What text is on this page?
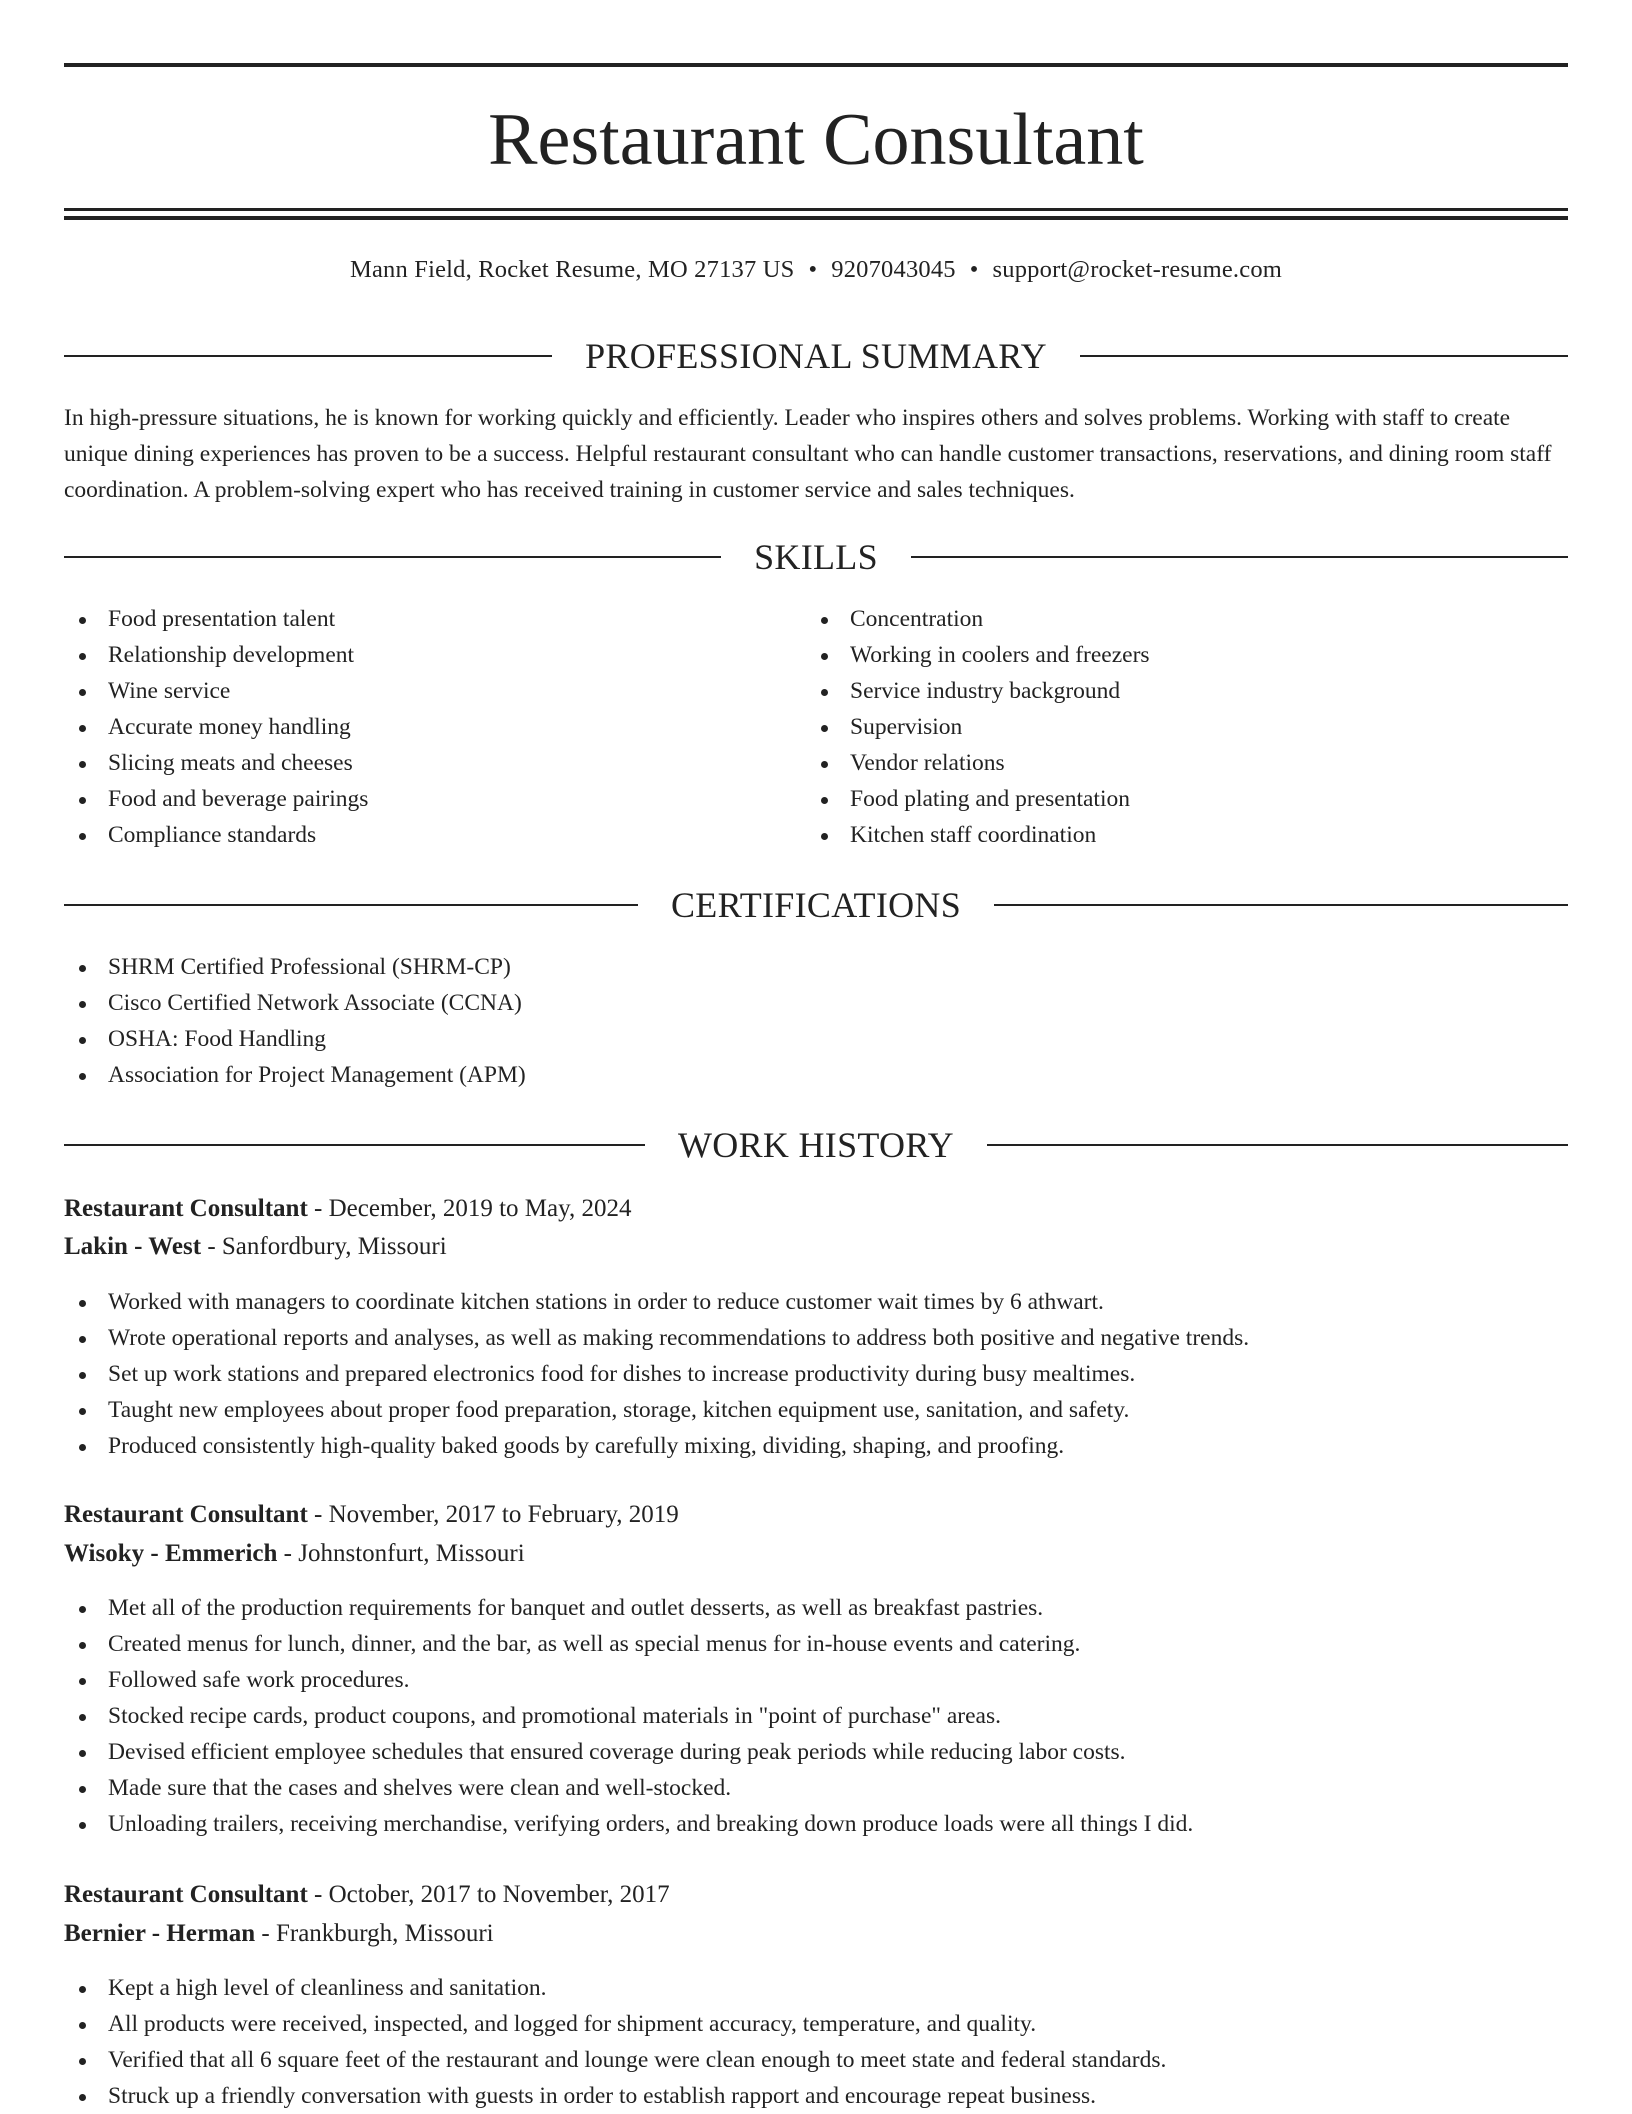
Restaurant Consultant
Mann Field, Rocket Resume, MO 27137 US • 9207043045 • support@rocket-resume.com
PROFESSIONAL SUMMARY

In high-pressure situations, he is known for working quickly and efficiently. Leader who inspires others and solves problems. Working with staff to create unique dining experiences has proven to be a success. Helpful restaurant consultant who can handle customer transactions, reservations, and dining room staff coordination. A problem-solving expert who has received training in customer service and sales techniques.

SKILLS
Food presentation talent
Relationship development
Wine service
Accurate money handling
Slicing meats and cheeses
Food and beverage pairings
Compliance standards
Concentration
Working in coolers and freezers
Service industry background
Supervision
Vendor relations
Food plating and presentation
Kitchen staff coordination
CERTIFICATIONS
SHRM Certified Professional (SHRM-CP)
Cisco Certified Network Associate (CCNA)
OSHA: Food Handling
Association for Project Management (APM)
WORK HISTORY
Restaurant Consultant - December, 2019 to May, 2024
Lakin - West - Sanfordbury, Missouri
Worked with managers to coordinate kitchen stations in order to reduce customer wait times by 6 athwart.
Wrote operational reports and analyses, as well as making recommendations to address both positive and negative trends.
Set up work stations and prepared electronics food for dishes to increase productivity during busy mealtimes.
Taught new employees about proper food preparation, storage, kitchen equipment use, sanitation, and safety.
Produced consistently high-quality baked goods by carefully mixing, dividing, shaping, and proofing.
Restaurant Consultant - November, 2017 to February, 2019
Wisoky - Emmerich - Johnstonfurt, Missouri
Met all of the production requirements for banquet and outlet desserts, as well as breakfast pastries.
Created menus for lunch, dinner, and the bar, as well as special menus for in-house events and catering.
Followed safe work procedures.
Stocked recipe cards, product coupons, and promotional materials in "point of purchase" areas.
Devised efficient employee schedules that ensured coverage during peak periods while reducing labor costs.
Made sure that the cases and shelves were clean and well-stocked.
Unloading trailers, receiving merchandise, verifying orders, and breaking down produce loads were all things I did.
Restaurant Consultant - October, 2017 to November, 2017
Bernier - Herman - Frankburgh, Missouri
Kept a high level of cleanliness and sanitation.
All products were received, inspected, and logged for shipment accuracy, temperature, and quality.
Verified that all 6 square feet of the restaurant and lounge were clean enough to meet state and federal standards.
Struck up a friendly conversation with guests in order to establish rapport and encourage repeat business.
